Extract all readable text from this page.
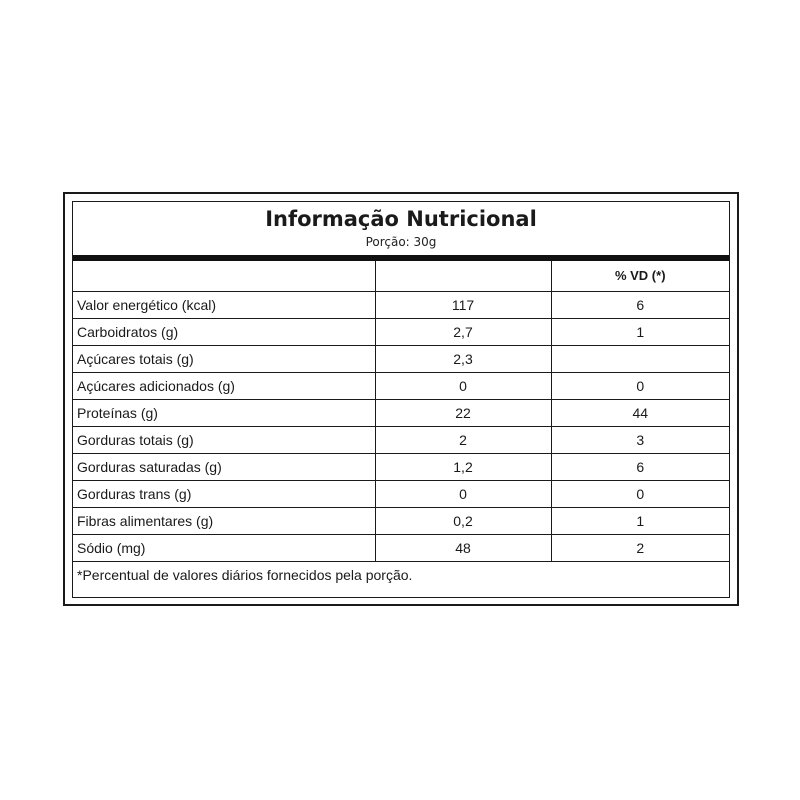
Informação Nutricional
Porção: 30g
		% VD (*)
Valor energético (kcal)	117	6
Carboidratos (g)	2,7	1
Açúcares totais (g)	2,3	
Açúcares adicionados (g)	0	0
Proteínas (g)	22	44
Gorduras totais (g)	2	3
Gorduras saturadas (g)	1,2	6
Gorduras trans (g)	0	0
Fibras alimentares (g)	0,2	1
Sódio (mg)	48	2
*Percentual de valores diários fornecidos pela porção.		
